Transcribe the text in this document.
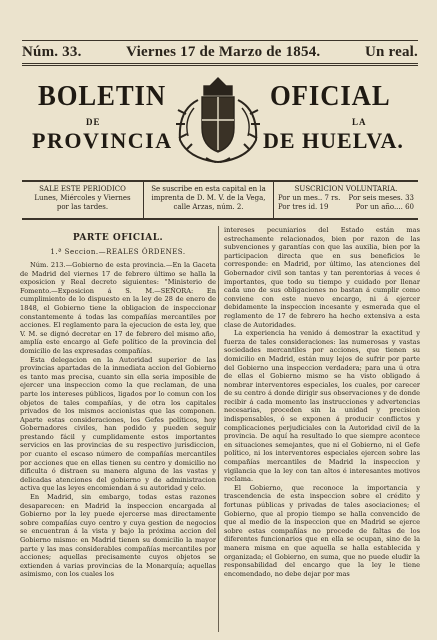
Núm. 33.	Viernes 17 de Marzo de 1854.	Un real.
BOLETIN
DE
PROVINCIA
OFICIAL
LA
DE HUELVA.
SALE ESTE PERIODICO
Lunes, Miércoles y Viernes
por las tardes.
Se suscribe en esta capital en la
imprenta de D. M. V. de la Vega,
calle Arzas, núm. 2.
SUSCRICION VOLUNTARIA.
Por un mes.. 7 rs. Por seis meses. 33
Por tres id. 19	Por un año.... 60
PARTE OFICIAL.
1.ª Seccion.—REALES ÓRDENES.

Núm. 213.—Gobierno de esta provincia.—En la Gaceta de Madrid del viernes 17 de febrero último se halla la exposicion y Real decreto siguientes: "Ministerio de Fomento.—Exposicion á S. M.—SEÑORA: En cumplimiento de lo dispuesto en la ley de 28 de enero de 1848, el Gobierno tiene la obligacion de inspeccionar constantemente á todas las compañías mercantiles por acciones. El reglamento para la ejecucion de esta ley, que V. M. se dignó decretar en 17 de febrero del mismo año, amplía este encargo al Gefe político de la provincia del domicilio de las expresadas compañías.

Esta delegacion en la Autoridad superior de las provincias apartadas de la inmediata accion del Gobierno es tanto mas precisa, cuanto sin ella seria imposible de ejercer una inspeccion como la que reclaman, de una parte los intereses públicos, ligados por lo comun con los objetos de tales compañías, y de otra los capitales privados de los mismos accionistas que las componen. Aparte estas consideraciones, los Gefes políticos, hoy Gobernadores civiles, han podido y pueden seguir prestando fácil y cumplidamente estos importantes servicios en las provincias de su respectivo jurisdiccion, por cuanto el escaso número de compañías mercantiles por acciones que en ellas tienen su centro y domicilio no dificulta ó distraen su manera alguna de las vastas y delicadas atenciones del gobierno y de administracion activa que las leyes encomiendan á su autoridad y celo.

En Madrid, sin embargo, todas estas razones desaparecen: en Madrid la inspeccion encargada al Gobierno por la ley puede ejercerse mas directamente sobre compañías cuyo centro y cuya gestion de negocios se encuentran á la vista y bajo la próxima accion del Gobierno mismo: en Madrid tienen su domicilio la mayor parte y las mas considerables compañías mercantiles por acciones; aquellas precisamente cuyos objetos se extienden á varias provincias de la Monarquía; aquellas asimismo, con los cuales los

intereses pecuniarios del Estado están mas estrechamente relacionados, bien por razon de las subvenciones y garantías con que las auxilia, bien por la participacion directa que en sus beneficios le corresponde: en Madrid, por último, las atenciones del Gobernador civil son tantas y tan perentorias á veces é importantes, que todo su tiempo y cuidado por llenar cada uno de sus obligaciones no bastan á cumplir como conviene con este nuevo encargo, ni á ejercer debidamente la inspeccion incesante y esmerada que el reglamento de 17 de febrero ha hecho extensiva a esta clase de Autoridades.

La experiencia ha venido á demostrar la exactitud y fuerza de tales consideraciones: las numerosas y vastas sociedades mercantiles por acciones, que tienen su domicilio en Madrid, están muy lejos de sufrir por parte del Gobierno una inspeccion verdadera; para una ú otra de ellas el Gobierno mismo se ha visto obligado á nombrar interventores especiales, los cuales, por carecer de su centro á donde dirigir sus observaciones y de donde recibir á cada momento las instrucciones y advertencias necesarias, proceden sin la unidad y precision indispensables, ó se exponen á producir conflictos y complicaciones perjudiciales con la Autoridad civil de la provincia. De aquí ha resultado lo que siempre acontece en situaciones semejantes, que ni el Gobierno, ni el Gefe político, ni los interventores especiales ejercen sobre las compañías mercantiles de Madrid la inspeccion y vigilancia que la ley con tan altos é interesantes motivos reclama.

El Gobierno, que reconoce la importancia y trascendencia de esta inspeccion sobre el crédito y fortunas públicas y privadas de tales asociaciones; el Gobierno, que al propio tiempo se halla convencido de que al medio de la inspeccion que en Madrid se ejerce sobre estas compañías no procede de faltas de los diferentes funcionarios que en ella se ocupan, sino de la manera misma en que aquella se halla establecida y organizada; el Gobierno, en suma, que no puede eludir la responsabilidad del encargo que la ley le tiene encomendado, no debe dejar por mas
